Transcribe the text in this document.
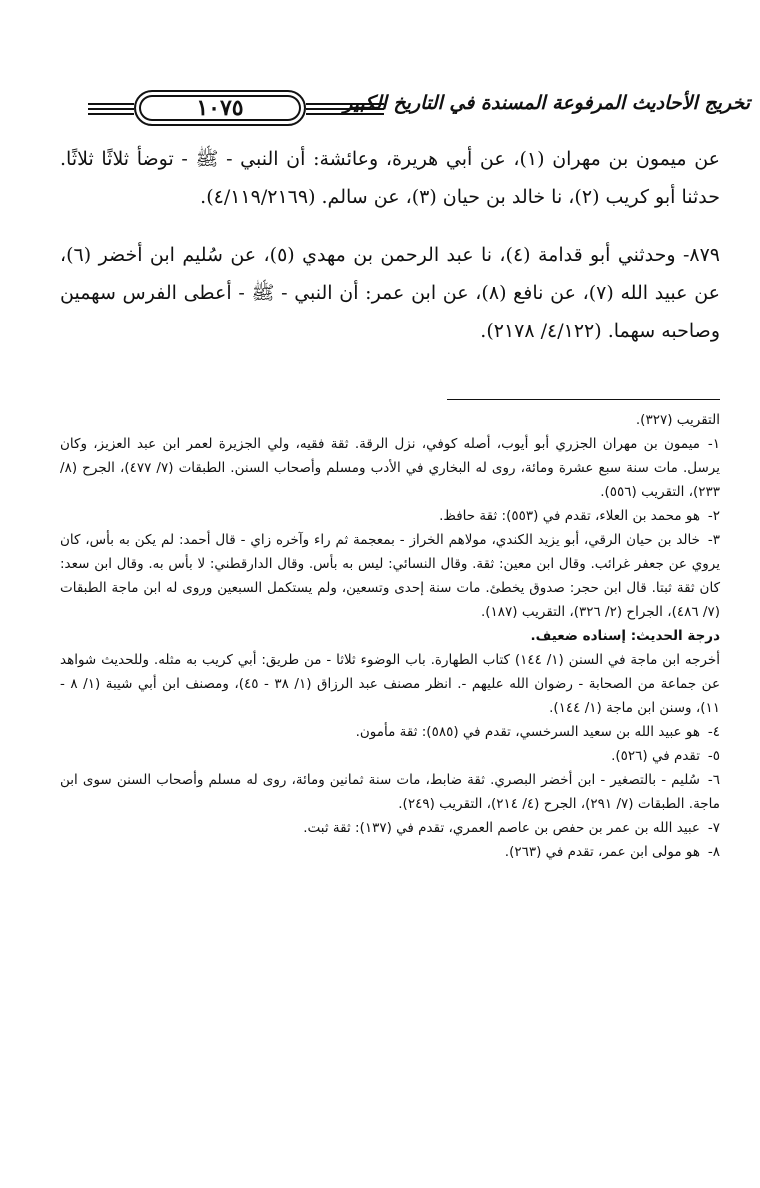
١٠٧٥	تخريج الأحاديث المرفوعة المسندة في التاريخ الكبير

عن ميمون بن مهران (١)، عن أبي هريرة، وعائشة: أن النبي - ﷺ - توضأ ثلاثًا ثلاثًا. حدثنا أبو كريب (٢)، نا خالد بن حيان (٣)، عن سالم. (٤/١١٩/٢١٦٩).

٨٧٩- وحدثني أبو قدامة (٤)، نا عبد الرحمن بن مهدي (٥)، عن سُليم ابن أخضر (٦)، عن عبيد الله (٧)، عن نافع (٨)، عن ابن عمر: أن النبي - ﷺ - أعطى الفرس سهمين وصاحبه سهما. (٤/١٢٢/ ٢١٧٨).

التقريب (٣٢٧).

١-ميمون بن مهران الجزري أبو أيوب، أصله كوفي، نزل الرقة. ثقة فقيه، ولي الجزيرة لعمر ابن عبد العزيز، وكان يرسل. مات سنة سبع عشرة ومائة، روى له البخاري في الأدب ومسلم وأصحاب السنن. الطبقات (٧/ ٤٧٧)، الجرح (٨/ ٢٣٣)، التقريب (٥٥٦).

٢-هو محمد بن العلاء، تقدم في (٥٥٣): ثقة حافظ.

٣-خالد بن حيان الرقي، أبو يزيد الكندي، مولاهم الخراز - بمعجمة ثم راء وآخره زاي - قال أحمد: لم يكن به بأس، كان يروي عن جعفر غرائب. وقال ابن معين: ثقة. وقال النسائي: ليس به بأس. وقال الدارقطني: لا بأس به. وقال ابن سعد: كان ثقة ثبتا. قال ابن حجر: صدوق يخطئ. مات سنة إحدى وتسعين، ولم يستكمل السبعين وروى له ابن ماجة الطبقات (٧/ ٤٨٦)، الجراح (٢/ ٣٢٦)، التقريب (١٨٧).

درجة الحديث: إسناده ضعيف.

أخرجه ابن ماجة في السنن (١/ ١٤٤) كتاب الطهارة. باب الوضوء ثلاثا - من طريق: أبي كريب به مثله. وللحديث شواهد عن جماعة من الصحابة - رضوان الله عليهم -. انظر مصنف عبد الرزاق (١/ ٣٨ - ٤٥)، ومصنف ابن أبي شيبة (١/ ٨ - ١١)، وسنن ابن ماجة (١/ ١٤٤).

٤-هو عبيد الله بن سعيد السرخسي، تقدم في (٥٨٥): ثقة مأمون.

٥-تقدم في (٥٢٦).

٦-سُليم - بالتصغير - ابن أخضر البصري. ثقة ضابط، مات سنة ثمانين ومائة، روى له مسلم وأصحاب السنن سوى ابن ماجة. الطبقات (٧/ ٢٩١)، الجرح (٤/ ٢١٤)، التقريب (٢٤٩).

٧-عبيد الله بن عمر بن حفص بن عاصم العمري، تقدم في (١٣٧): ثقة ثبت.

٨-هو مولى ابن عمر، تقدم في (٢٦٣).
